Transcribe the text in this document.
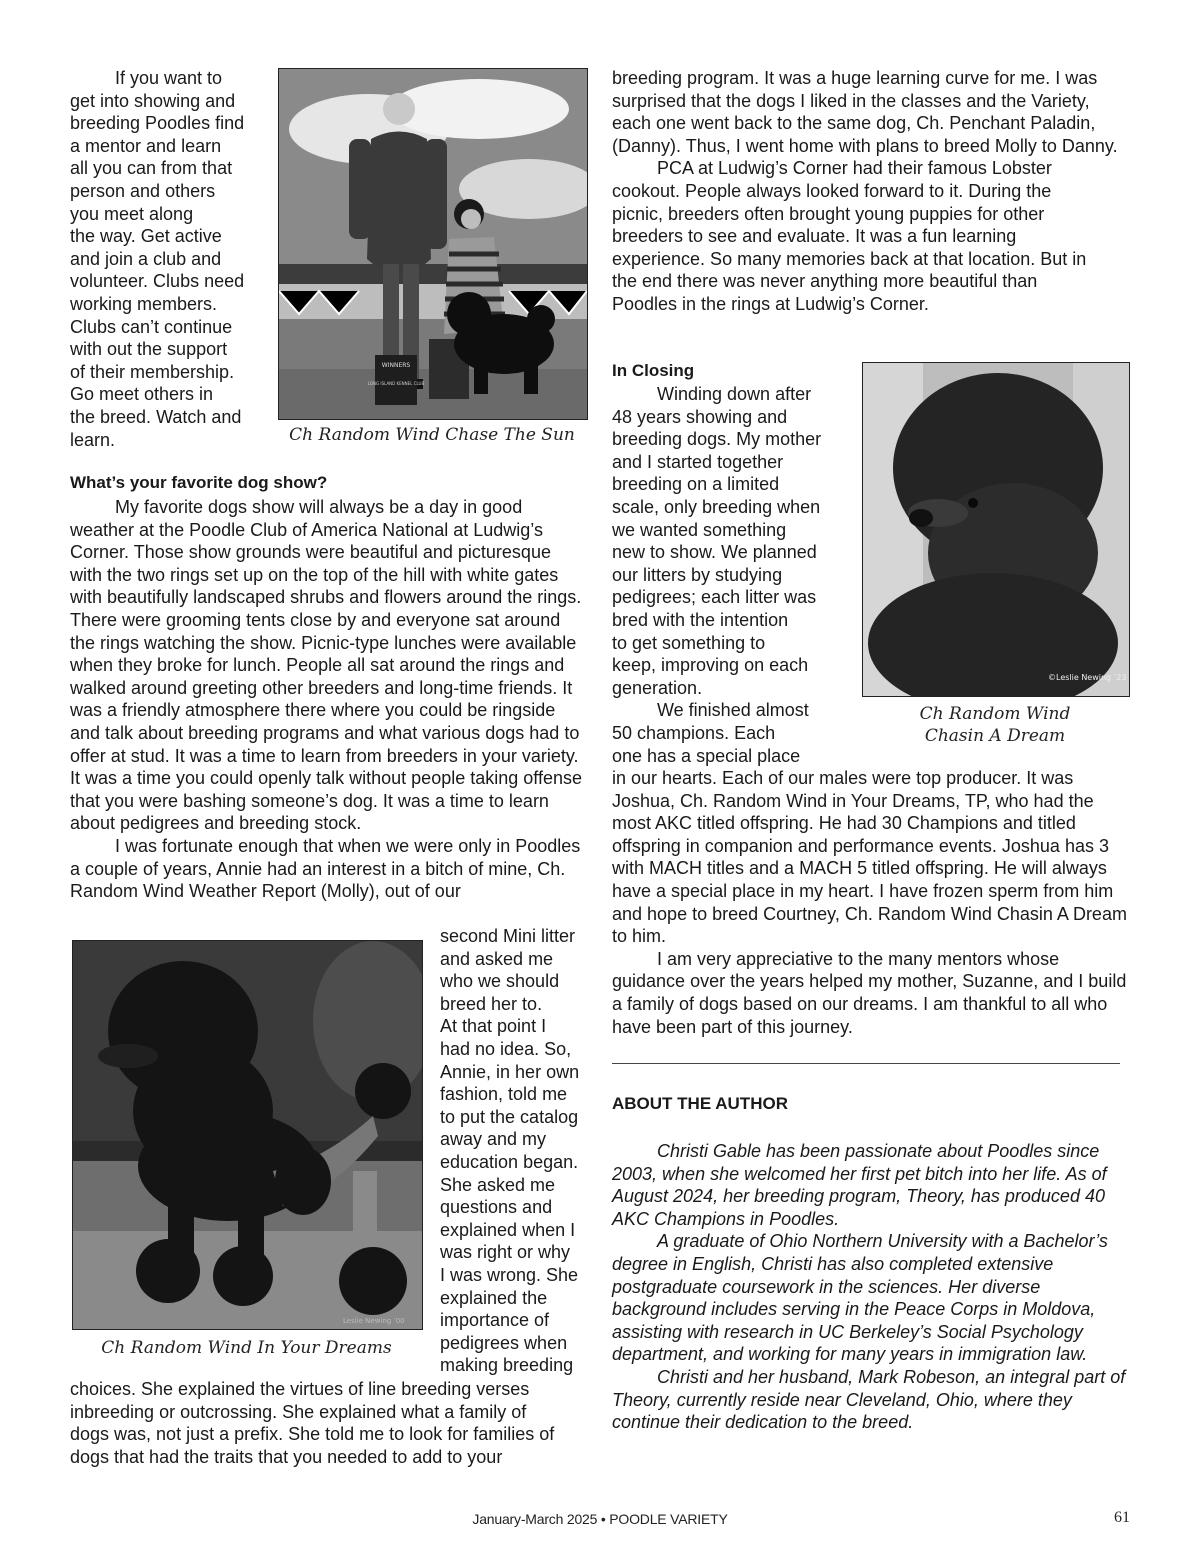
If you want to
get into showing and
breeding Poodles find
a mentor and learn
all you can from that
person and others
you meet along
the way. Get active
and join a club and
volunteer. Clubs need
working members.
Clubs can’t continue
with out the support
of their membership.
Go meet others in
the breed. Watch and
learn.
WINNERS
LONG ISLAND KENNEL CLUB
Ch Random Wind Chase The Sun
What’s your favorite dog show?

My favorite dogs show will always be a day in good weather at the Poodle Club of America National at Ludwig’s Corner. Those show grounds were beautiful and picturesque with the two rings set up on the top of the hill with white gates with beautifully landscaped shrubs and flowers around the rings. There were grooming tents close by and everyone sat around the rings watching the show. Picnic-type lunches were available when they broke for lunch. People all sat around the rings and walked around greeting other breeders and long-time friends. It was a friendly atmosphere there where you could be ringside and talk about breeding programs and what various dogs had to offer at stud. It was a time to learn from breeders in your variety. It was a time you could openly talk without people taking offense that you were bashing someone’s dog. It was a time to learn about pedigrees and breeding stock.

I was fortunate enough that when we were only in Poodles a couple of years, Annie had an interest in a bitch of mine, Ch. Random Wind Weather Report (Molly), out of our

Leslie Newing ’00
Ch Random Wind In Your Dreams
second Mini litter
and asked me
who we should
breed her to.
At that point I
had no idea. So,
Annie, in her own
fashion, told me
to put the catalog
away and my
education began.
She asked me
questions and
explained when I
was right or why
I was wrong. She
explained the
importance of
pedigrees when
making breeding
choices. She explained the virtues of line breeding verses inbreeding or outcrossing. She explained what a family of dogs was, not just a prefix. She told me to look for families of dogs that had the traits that you needed to add to your

breeding program. It was a huge learning curve for me. I was surprised that the dogs I liked in the classes and the Variety, each one went back to the same dog, Ch. Penchant Paladin, (Danny). Thus, I went home with plans to breed Molly to Danny.

PCA at Ludwig’s Corner had their famous Lobster cookout. People always looked forward to it. During the picnic, breeders often brought young puppies for other breeders to see and evaluate. It was a fun learning experience. So many memories back at that location. But in the end there was never anything more beautiful than Poodles in the rings at Ludwig’s Corner.

In Closing
Winding down after
48 years showing and
breeding dogs. My mother
and I started together
breeding on a limited
scale, only breeding when
we wanted something
new to show. We planned
our litters by studying
pedigrees; each litter was
bred with the intention
to get something to
keep, improving on each
generation.
We finished almost
50 champions. Each
one has a special place
©Leslie Newing ’23
Ch Random Wind
Chasin A Dream

in our hearts. Each of our males were top producer. It was Joshua, Ch. Random Wind in Your Dreams, TP, who had the most AKC titled offspring. He had 30 Champions and titled offspring in companion and performance events. Joshua has 3 with MACH titles and a MACH 5 titled offspring. He will always have a special place in my heart. I have frozen sperm from him and hope to breed Courtney, Ch. Random Wind Chasin A Dream to him.

I am very appreciative to the many mentors whose guidance over the years helped my mother, Suzanne, and I build a family of dogs based on our dreams. I am thankful to all who have been part of this journey.

ABOUT THE AUTHOR

Christi Gable has been passionate about Poodles since 2003, when she welcomed her first pet bitch into her life. As of August 2024, her breeding program, Theory, has produced 40 AKC Champions in Poodles.

A graduate of Ohio Northern University with a Bachelor’s degree in English, Christi has also completed extensive postgraduate coursework in the sciences. Her diverse background includes serving in the Peace Corps in Moldova, assisting with research in UC Berkeley’s Social Psychology department, and working for many years in immigration law.

Christi and her husband, Mark Robeson, an integral part of Theory, currently reside near Cleveland, Ohio, where they continue their dedication to the breed.

January-March 2025 • POODLE VARIETY	61
